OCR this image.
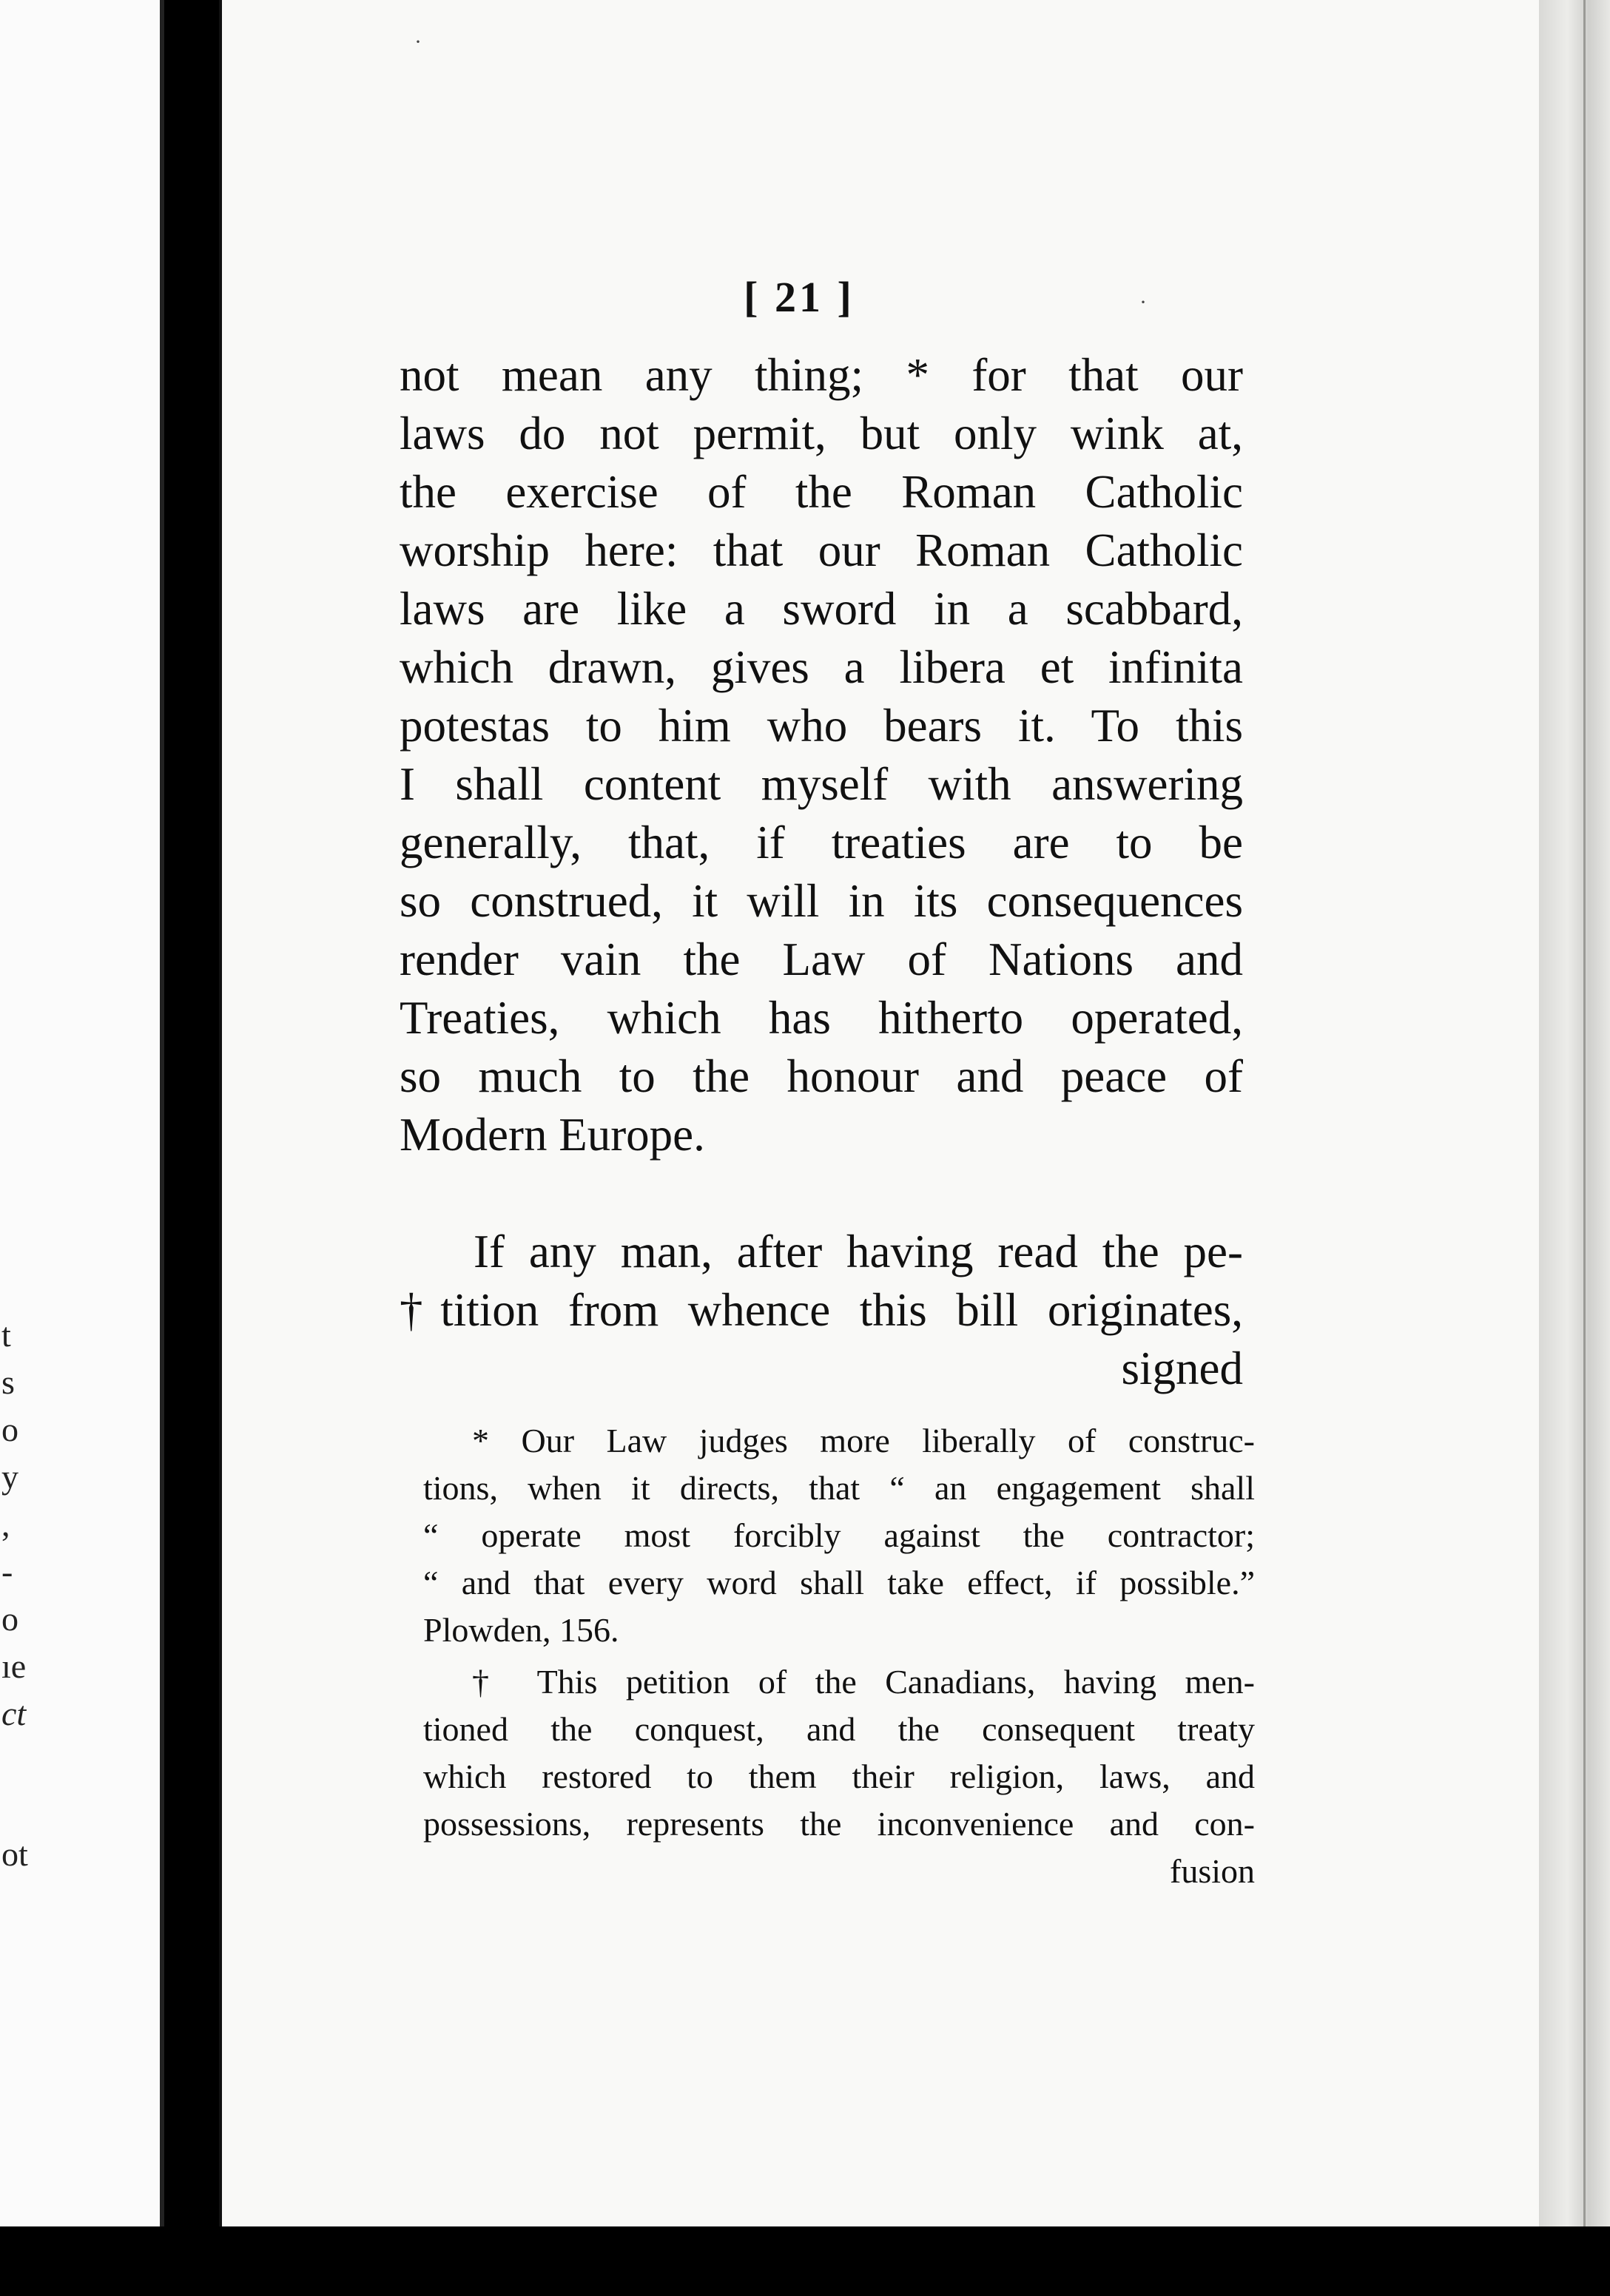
t
s
o
y
,
-
o
ıe
ct
ot
·
·
[ 21 ]
not mean any thing; * for that our
laws do not permit, but only wink at,
the exercise of the Roman Catholic
worship here: that our Roman Catholic
laws are like a sword in a scabbard,
which drawn, gives a libera et infinita
potestas to him who bears it. To this
I shall content myself with answering
generally, that, if treaties are to be
so construed, it will in its consequences
render vain the Law of Nations and
Treaties, which has hitherto operated,
so much to the honour and peace of
Modern Europe.
If any man, after having read the pe-
†tition from whence this bill originates,
signed
* Our Law judges more liberally of construc-
tions, when it directs, that “ an engagement shall
“ operate most forcibly against the contractor;
“ and that every word shall take effect, if possible.”
Plowden, 156.
† This petition of the Canadians, having men-
tioned the conquest, and the consequent treaty
which restored to them their religion, laws, and
possessions, represents the inconvenience and con-
fusion
